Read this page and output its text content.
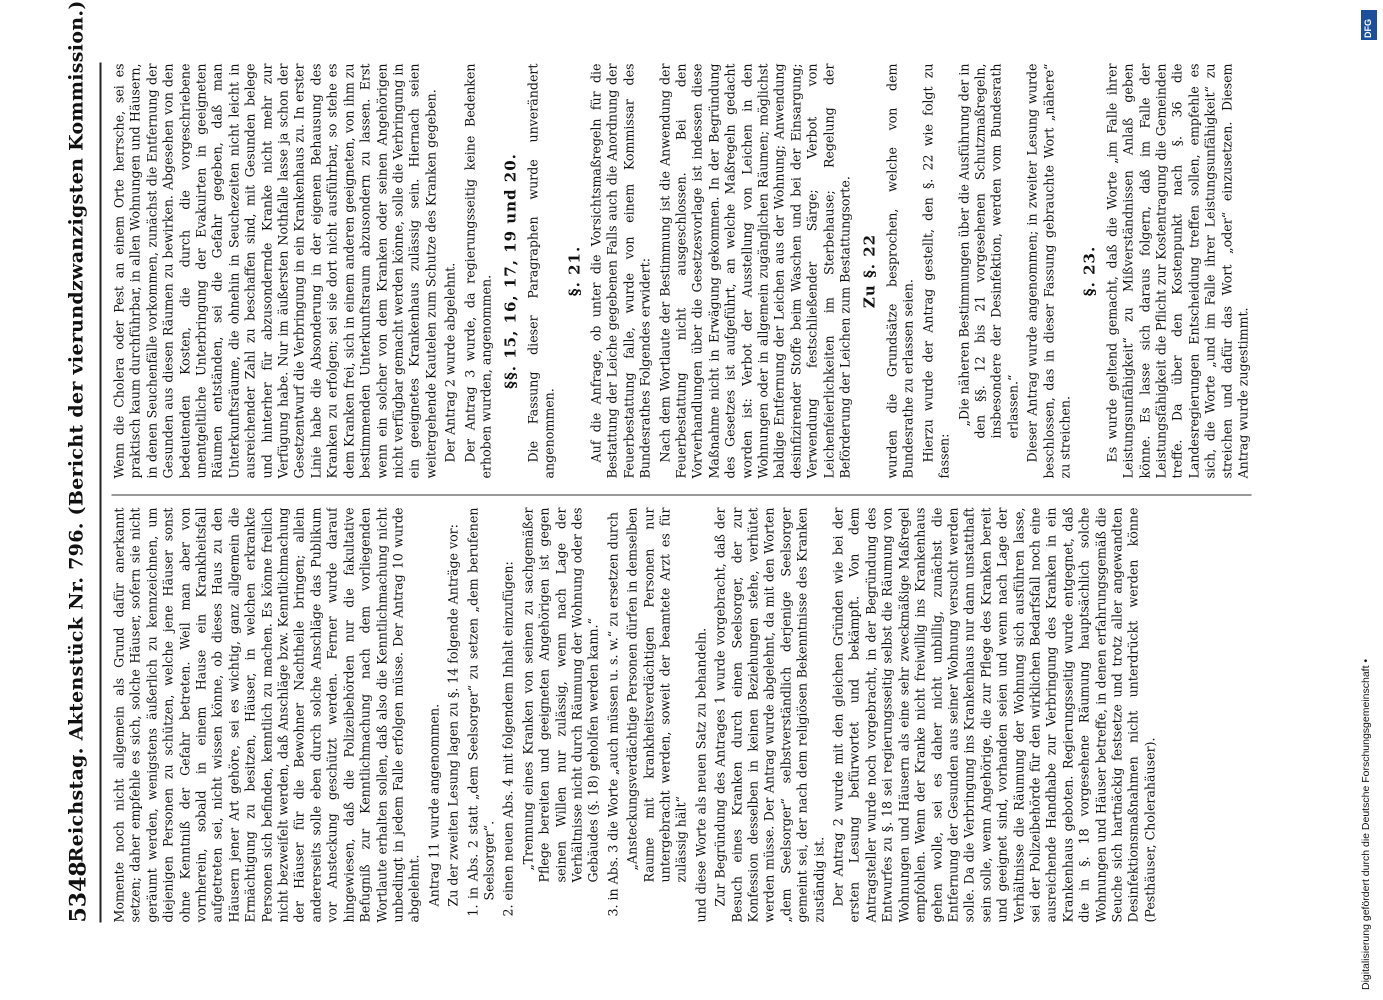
5348
Reichstag. Aktenstück Nr. 796. (Bericht der vierundzwanzigsten Kommission.) Momente noch nicht allgemein als Grund dafür anerkannt setzen; daher empfehle es sich, solche Häuser, sofern sie nicht geräumt werden, wenigstens äußerlich zu kennzeichnen, um diejenigen Personen zu schützen, welche jene Häuser sonst ohne Kenntniß der Gefahr betreten. Weil man aber von vornherein, sobald in einem Hause ein Krankheitsfall aufgetreten sei, nicht wissen könne, ob dieses Haus zu den Häusern jener Art gehöre, sei es wichtig, ganz allgemein die Ermächtigung zu besitzen, Häuser, in welchen erkrankte Personen sich befinden, kenntlich zu machen. Es könne freilich nicht bezweifelt werden, daß Anschläge bzw. Kenntlichmachung der Häuser für die Bewohner Nachtheile bringen; allein andererseits solle eben durch solche Anschläge das Publikum vor Ansteckung geschützt werden. Ferner wurde darauf hingewiesen, daß die Polizeibehörden nur die fakultative Befugniß zur Kenntlichmachung nach dem vorliegenden Wortlaute erhalten sollen, daß also die Kenntlichmachung nicht unbedingt in jedem Falle erfolgen müsse. Der Antrag 10 wurde abgelehnt. Antrag 11 wurde angenommen. Zu der zweiten Lesung lagen zu §. 14 folgende Anträge vor: 1. in Abs. 2 statt „dem Seelsorger“ zu setzen „dem berufenen Seelsorger“. 2. einen neuen Abs. 4 mit folgendem Inhalt einzufügen: „Trennung eines Kranken von seinen zu sachgemäßer Pflege bereiten und geeigneten Angehörigen ist gegen seinen Willen nur zulässig, wenn nach Lage der Verhältnisse nicht durch Räumung der Wohnung oder des Gebäudes (§. 18) geholfen werden kann.“ 3. in Abs. 3 die Worte „auch müssen u. s. w.“ zu ersetzen durch „Ansteckungsverdächtige Personen dürfen in demselben Raume mit krankheitsverdächtigen Personen nur untergebracht werden, soweit der beamtete Arzt es für zulässig hält“ und diese Worte als neuen Satz zu behandeln. Zur Begründung des Antrages 1 wurde vorgebracht, daß der Besuch eines Kranken durch einen Seelsorger, der zur Konfession desselben in keinen Beziehungen stehe, verhütet werden müsse. Der Antrag wurde abgelehnt, da mit den Worten „dem Seelsorger“ selbstverständlich derjenige Seelsorger gemeint sei, der nach dem religiösen Bekenntnisse des Kranken zuständig ist. Der Antrag 2 wurde mit den gleichen Gründen wie bei der ersten Lesung befürwortet und bekämpft. Von dem Antragsteller wurde noch vorgebracht, in der Begründung des Entwurfes zu §. 18 sei regierungsseitig selbst die Räumung von Wohnungen und Häusern als eine sehr zweckmäßige Maßregel empfohlen. Wenn der Kranke nicht freiwillig ins Krankenhaus gehen wolle, sei es daher nicht unbillig, zunächst die Entfernung der Gesunden aus seiner Wohnung versucht werden solle. Da die Verbringung ins Krankenhaus nur dann unstatthaft sein solle, wenn Angehörige, die zur Pflege des Kranken bereit und geeignet sind, vorhanden seien und wenn nach Lage der Verhältnisse die Räumung der Wohnung sich ausführen lasse, sei der Polizeibehörde für den wirklichen Bedarfsfall noch eine ausreichende Handhabe zur Verbringung des Kranken in ein Krankenhaus geboten. Regierungsseitig wurde entgegnet, daß die in §. 18 vorgesehene Räumung hauptsächlich solche Wohnungen und Häuser betreffe, in denen erfahrungsgemäß die Seuche sich hartnäckig festsetze und trotz aller angewandten Desinfektionsmaßnahmen nicht unterdrückt werden könne (Pesthäuser, Cholerahäuser).

Wenn die Cholera oder Pest an einem Orte herrsche, sei es praktisch kaum durchführbar, in allen Wohnungen und Häusern, in denen Seuchenfälle vorkommen, zunächst die Entfernung der Gesunden aus diesen Räumen zu bewirken. Abgesehen von den bedeutenden Kosten, die durch die vorgeschriebene unentgeltliche Unterbringung der Evakuirten in geeigneten Räumen entständen, sei die Gefahr gegeben, daß man Unterkunftsräume, die ohnehin in Seuchezeiten nicht leicht in ausreichender Zahl zu beschaffen sind, mit Gesunden belege und hinterher für abzusondernde Kranke nicht mehr zur Verfügung habe. Nur im äußersten Nothfalle lasse ja schon der Gesetzentwurf die Verbringung in ein Krankenhaus zu. In erster Linie habe die Absonderung in der eigenen Behausung des Kranken zu erfolgen; sei sie dort nicht ausführbar, so stehe es dem Kranken frei, sich in einem anderen geeigneten, von ihm zu bestimmenden Unterkunftsraum abzusondern zu lassen. Erst wenn ein solcher von dem Kranken oder seinen Angehörigen nicht verfügbar gemacht werden könne, solle die Verbringung in ein geeignetes Krankenhaus zulässig sein. Hiernach seien weitergehende Kautelen zum Schutze des Kranken gegeben. Der Antrag 2 wurde abgelehnt. Der Antrag 3 wurde, da regierungsseitig keine Bedenken erhoben wurden, angenommen. §§. 15, 16, 17, 19 und 20. Die Fassung dieser Paragraphen wurde unverändert angenommen.

§. 21. Auf die Anfrage, ob unter die Vorsichtsmaßregeln für die Bestattung der Leiche gegebenen Falls auch die Anordnung der Feuerbestattung falle, wurde von einem Kommissar des Bundesrathes Folgendes erwidert: Nach dem Wortlaute der Bestimmung ist die Anwendung der Feuerbestattung nicht ausgeschlossen. Bei den Vorverhandlungen über die Gesetzesvorlage ist indessen diese Maßnahme nicht in Erwägung gekommen. In der Begründung des Gesetzes ist aufgeführt, an welche Maßregeln gedacht worden ist: Verbot der Ausstellung von Leichen in den Wohnungen oder in allgemein zugänglichen Räumen; möglichst baldige Entfernung der Leichen aus der Wohnung; Anwendung desinfizirender Stoffe beim Waschen und bei der Einsargung; Verwendung festschließender Särge; Verbot von Leichenfeierlichkeiten im Sterbehause; Regelung der Beförderung der Leichen zum Bestattungsorte. Zu §. 22 wurden die Grundsätze besprochen, welche von dem Bundesrathe zu erlassen seien. Hierzu wurde der Antrag gestellt, den §. 22 wie folgt zu fassen:

„Die näheren Bestimmungen über die Ausführung der in den §§. 12 bis 21 vorgesehenen Schutzmaßregeln, insbesondere der Desinfektion, werden vom Bundesrath erlassen.“ Dieser Antrag wurde angenommen; in zweiter Lesung wurde beschlossen, das in dieser Fassung gebrauchte Wort „nähere“ zu streichen.

§. 23. Es wurde geltend gemacht, daß die Worte „im Falle ihrer Leistungsunfähigkeit“ zu Mißverständnissen Anlaß geben könne. Es lasse sich daraus folgern, daß im Falle der Leistungsfähigkeit die Pflicht zur Kostentragung die Gemeinden treffe. Da über den Kostenpunkt nach §. 36 die Landesregierungen Entscheidung treffen sollen, empfehle es sich, die Worte „und im Falle ihrer Leistungsunfähigkeit“ zu streichen und dafür das Wort „oder“ einzusetzen. Diesem Antrag wurde zugestimmt.

Digitalisierung gefördert durch die Deutsche Forschungsgemeinschaft •
DFG
